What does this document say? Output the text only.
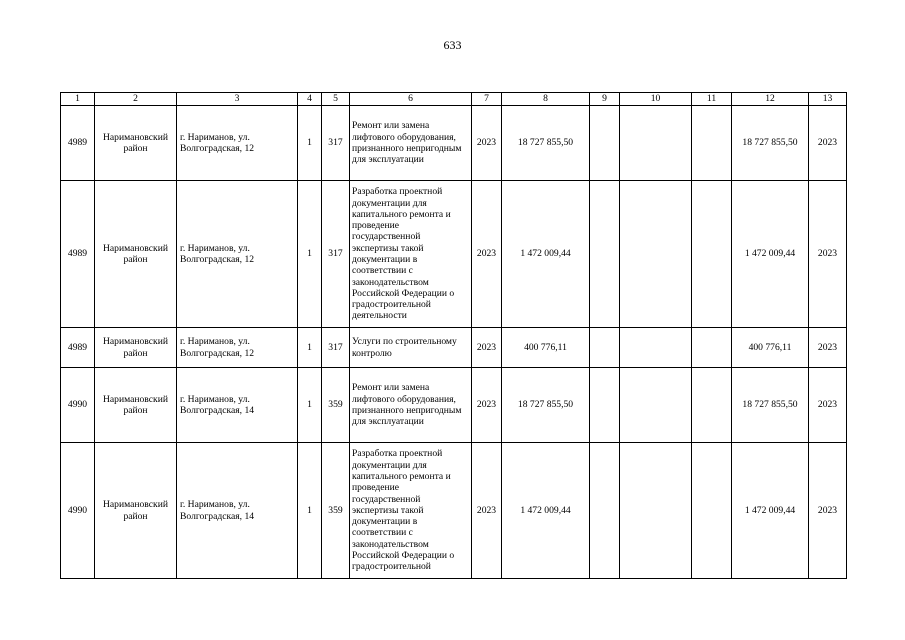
633
1	2	3	4	5	6	7	8	9	10	11	12	13
4989	Наримановский район	г. Нариманов, ул. Волгоградская, 12	1	317	Ремонт или замена лифтового оборудования, признанного непригодным для эксплуатации	2023	18 727 855,50				18 727 855,50	2023
4989	Наримановский район	г. Нариманов, ул. Волгоградская, 12	1	317	Разработка проектной документации для капитального ремонта и проведение государственной экспертизы такой документации в соответствии с законодательством Российской Федерации о градостроительной деятельности	2023	1 472 009,44				1 472 009,44	2023
4989	Наримановский район	г. Нариманов, ул. Волгоградская, 12	1	317	Услуги по строительному контролю	2023	400 776,11				400 776,11	2023
4990	Наримановский район	г. Нариманов, ул. Волгоградская, 14	1	359	Ремонт или замена лифтового оборудования, признанного непригодным для эксплуатации	2023	18 727 855,50				18 727 855,50	2023
4990	Наримановский район	г. Нариманов, ул. Волгоградская, 14	1	359	Разработка проектной документации для капитального ремонта и проведение государственной экспертизы такой документации в соответствии с законодательством Российской Федерации о градостроительной	2023	1 472 009,44				1 472 009,44	2023
